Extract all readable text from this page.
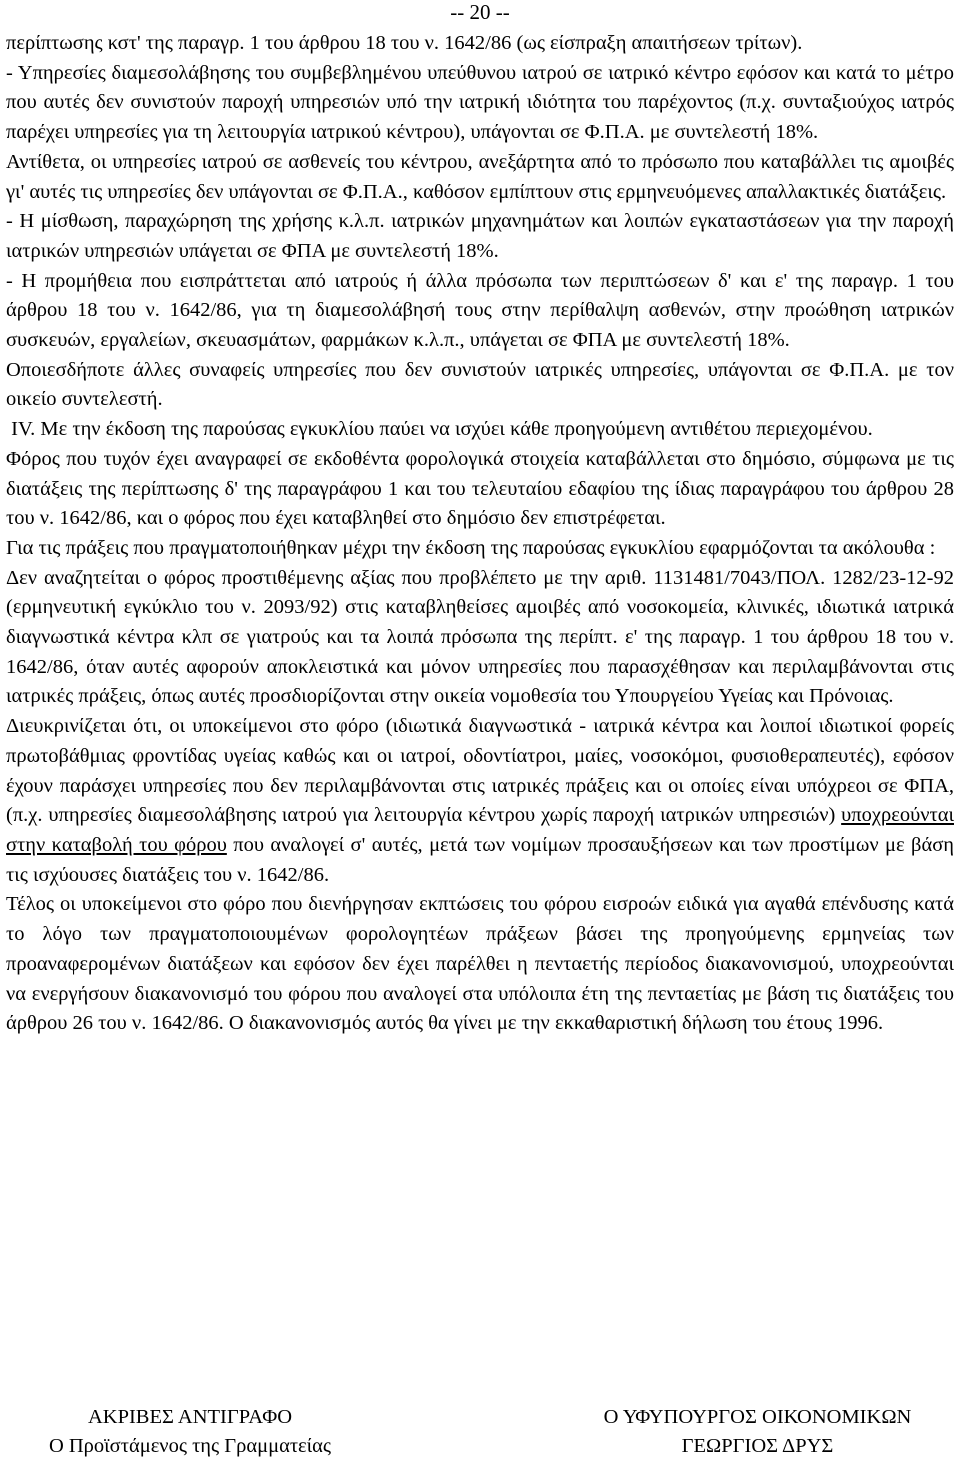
-- 20 --

περίπτωσης κστ' της παραγρ. 1 του άρθρου 18 του ν. 1642/86 (ως είσπραξη απαιτήσεων τρίτων).

- Υπηρεσίες διαμεσολάβησης του συμβεβλημένου υπεύθυνου ιατρού σε ιατρικό κέντρο εφόσον και κατά το μέτρο που αυτές δεν συνιστούν παροχή υπηρεσιών υπό την ιατρική ιδιότητα του παρέχοντος (π.χ. συνταξιούχος ιατρός παρέχει υπηρεσίες για τη λειτουργία ιατρικού κέντρου), υπάγονται σε Φ.Π.Α. με συντελεστή 18%.

Αντίθετα, οι υπηρεσίες ιατρού σε ασθενείς του κέντρου, ανεξάρτητα από το πρόσωπο που καταβάλλει τις αμοιβές γι' αυτές τις υπηρεσίες δεν υπάγονται σε Φ.Π.Α., καθόσον εμπίπτουν στις ερμηνευόμενες απαλλακτικές διατάξεις.

- Η μίσθωση, παραχώρηση της χρήσης κ.λ.π. ιατρικών μηχανημάτων και λοιπών εγκαταστάσεων για την παροχή ιατρικών υπηρεσιών υπάγεται σε ΦΠΑ με συντελεστή 18%.

- Η προμήθεια που εισπράττεται από ιατρούς ή άλλα πρόσωπα των περιπτώσεων δ' και ε' της παραγρ. 1 του άρθρου 18 του ν. 1642/86, για τη διαμεσολάβησή τους στην περίθαλψη ασθενών, στην προώθηση ιατρικών συσκευών, εργαλείων, σκευασμάτων, φαρμάκων κ.λ.π., υπάγεται σε ΦΠΑ με συντελεστή 18%.

Οποιεσδήποτε άλλες συναφείς υπηρεσίες που δεν συνιστούν ιατρικές υπηρεσίες, υπάγονται σε Φ.Π.Α. με τον οικείο συντελεστή.

IV. Με την έκδοση της παρούσας εγκυκλίου παύει να ισχύει κάθε προηγούμενη αντιθέτου περιεχομένου.

Φόρος που τυχόν έχει αναγραφεί σε εκδοθέντα φορολογικά στοιχεία καταβάλλεται στο δημόσιο, σύμφωνα με τις διατάξεις της περίπτωσης δ' της παραγράφου 1 και του τελευταίου εδαφίου της ίδιας παραγράφου του άρθρου 28 του ν. 1642/86, και ο φόρος που έχει καταβληθεί στο δημόσιο δεν επιστρέφεται.

Για τις πράξεις που πραγματοποιήθηκαν μέχρι την έκδοση της παρούσας εγκυκλίου εφαρμόζονται τα ακόλουθα :

Δεν αναζητείται ο φόρος προστιθέμενης αξίας που προβλέπετο με την αριθ. 1131481/7043/ΠΟΛ. 1282/23-12-92 (ερμηνευτική εγκύκλιο του ν. 2093/92) στις καταβληθείσες αμοιβές από νοσοκομεία, κλινικές, ιδιωτικά ιατρικά διαγνωστικά κέντρα κλπ σε γιατρούς και τα λοιπά πρόσωπα της περίπτ. ε' της παραγρ. 1 του άρθρου 18 του ν. 1642/86, όταν αυτές αφορούν αποκλειστικά και μόνον υπηρεσίες που παρασχέθησαν και περιλαμβάνονται στις ιατρικές πράξεις, όπως αυτές προσδιορίζονται στην οικεία νομοθεσία του Υπουργείου Υγείας και Πρόνοιας.

Διευκρινίζεται ότι, οι υποκείμενοι στο φόρο (ιδιωτικά διαγνωστικά - ιατρικά κέντρα και λοιποί ιδιωτικοί φορείς πρωτοβάθμιας φροντίδας υγείας καθώς και οι ιατροί, οδοντίατροι, μαίες, νοσοκόμοι, φυσιοθεραπευτές), εφόσον έχουν παράσχει υπηρεσίες που δεν περιλαμβάνονται στις ιατρικές πράξεις και οι οποίες είναι υπόχρεοι σε ΦΠΑ, (π.χ. υπηρεσίες διαμεσολάβησης ιατρού για λειτουργία κέντρου χωρίς παροχή ιατρικών υπηρεσιών) υποχρεούνται στην καταβολή του φόρου που αναλογεί σ' αυτές, μετά των νομίμων προσαυξήσεων και των προστίμων με βάση τις ισχύουσες διατάξεις του ν. 1642/86.

Τέλος οι υποκείμενοι στο φόρο που διενήργησαν εκπτώσεις του φόρου εισροών ειδικά για αγαθά επένδυσης κατά το λόγο των πραγματοποιουμένων φορολογητέων πράξεων βάσει της προηγούμενης ερμηνείας των προαναφερομένων διατάξεων και εφόσον δεν έχει παρέλθει η πενταετής περίοδος διακανονισμού, υποχρεούνται να ενεργήσουν διακανονισμό του φόρου που αναλογεί στα υπόλοιπα έτη της πενταετίας με βάση τις διατάξεις του άρθρου 26 του ν. 1642/86. Ο διακανονισμός αυτός θα γίνει με την εκκαθαριστική δήλωση του έτους 1996.

ΑΚΡΙΒΕΣ ΑΝΤΙΓΡΑΦΟ
Ο Προϊστάμενος της Γραμματείας
Ο ΥΦΥΠΟΥΡΓΟΣ ΟΙΚΟΝΟΜΙΚΩΝ
ΓΕΩΡΓΙΟΣ ΔΡΥΣ
